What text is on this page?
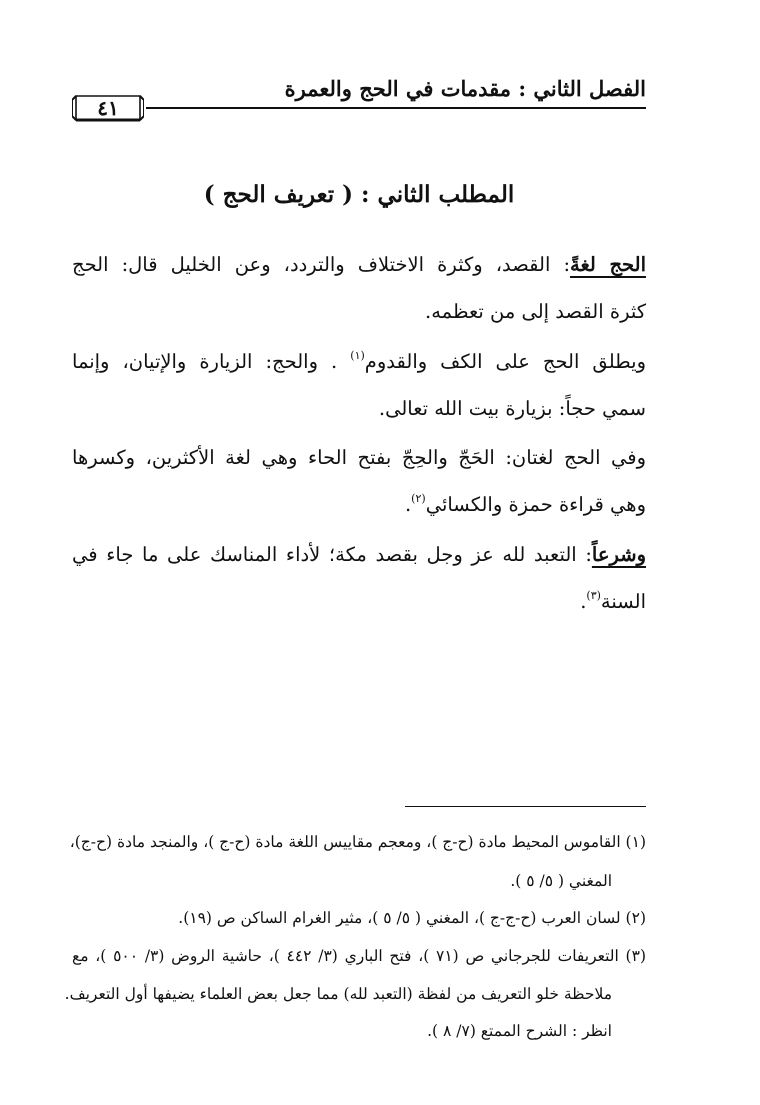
الفصل الثاني : مقدمات في الحج والعمرة
٤١
المطلب الثاني : ( تعريف الحج )
الحج لغةً: القصد، وكثرة الاختلاف والتردد، وعن الخليل قال: الحج
كثرة القصد إلى من تعظمه.
ويطلق الحج على الكف والقدوم$^{(١)}$ . والحج: الزيارة والإتيان، وإنما
سمي حجاً: بزيارة بيت الله تعالى.
وفي الحج لغتان: الحَجّ والحِجّ بفتح الحاء وهي لغة الأكثرين، وكسرها
وهي قراءة حمزة والكسائي$^{(٢)}$.
وشرعاً: التعبد لله عز وجل بقصد مكة؛ لأداء المناسك على ما جاء في
السنة$^{(٣)}$.
(١) القاموس المحيط مادة (ح-ج )، ومعجم مقاييس اللغة مادة (ح-ج )، والمنجد مادة (ح-ج)،
المغني ( ٥/ ٥ ).
(٢) لسان العرب (ح-ج-ج )، المغني ( ٥/ ٥ )، مثير الغرام الساكن ص (١٩).
(٣) التعريفات للجرجاني ص (٧١ )، فتح الباري (٣/ ٤٤٢ )، حاشية الروض (٣/ ٥٠٠ )، مع
ملاحظة خلو التعريف من لفظة (التعبد لله) مما جعل بعض العلماء يضيفها أول التعريف.
انظر : الشرح الممتع (٧/ ٨ ).
